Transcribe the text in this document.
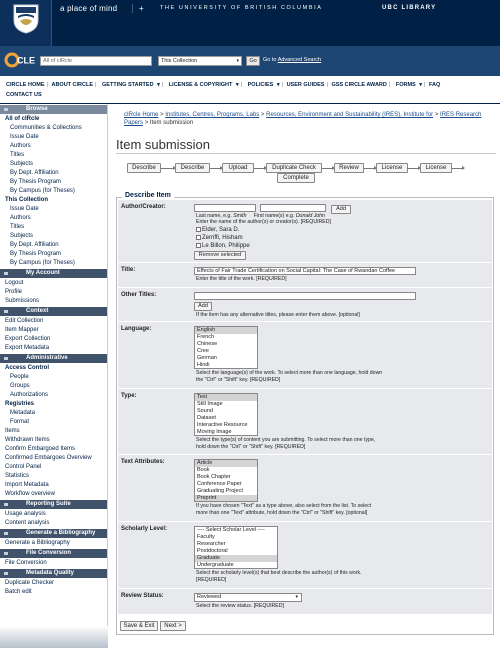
a place of mind	+	THE UNIVERSITY OF BRITISH COLUMBIA	UBC LIBRARY
CLE	All of cIRcle	This Collection	▾	Go	Go to Advanced Search
CIRCLE HOME | ABOUT CIRCLE | GETTING STARTED ▾ | LICENSE & COPYRIGHT ▾ | POLICIES ▾ | USER GUIDES | GSS CIRCLE AWARD | FORMS ▾ | FAQ
CONTACT US
Browse
All of cIRcle
Communities & Collections
Issue Date
Authors
Titles
Subjects
By Dept. Affiliation
By Thesis Program
By Campus (for Theses)
This Collection
Issue Date
Authors
Titles
Subjects
By Dept. Affiliation
By Thesis Program
By Campus (for Theses)
My Account
Logout
Profile
Submissions
Context
Edit Collection
Item Mapper
Export Collection
Export Metadata
Administrative
Access Control
People
Groups
Authorizations
Registries
Metadata
Format
Items
Withdrawn Items
Confirm Embargoed Items
Confirmed Embargoes Overview
Control Panel
Statistics
Import Metadata
Workflow overview
Reporting Suite
Usage analysis
Content analysis
Generate a Bibliography
Generate a Bibliography
File Conversion
File Conversion
Metadata Quality
Duplicate Checker
Batch edit
cIRcle Home > Institutes, Centres, Programs, Labs > Resources, Environment and Sustainability (IRES), Institute for > IRES Research Papers > Item submission
Item submission
Describe	Describe	Upload	Duplicate Check	Review	License	License
Complete
Describe Item
Author/Creator:	Add
Last name, e.g. Smith First name(s) e.g. Donald John
Enter the name of the author(s) or creator(s). [REQUIRED]
Elder, Sara D.
Zerriffi, Hisham
Le Billon, Philippe
Remove selected
Title:	Effects of Fair Trade Certification on Social Capital: The Case of Rwandan Coffee
Enter the title of the work. [REQUIRED]
Other Titles:
Add
If the item has any alternative titles, please enter them above. [optional]
Language:	English
French
Chinese
Cree
German
Hindi
Select the language(s) of the work. To select more than one language, hold down
the "Ctrl" or "Shift" key. [REQUIRED]
Type:	Text
Still Image
Sound
Dataset
Interactive Resource
Moving Image
Select the type(s) of content you are submitting. To select more than one type,
hold down the "Ctrl" or "Shift" key. [REQUIRED]
Text Attributes:	Article
Book
Book Chapter
Conference Paper
Graduating Project
Preprint
If you have chosen "Text" as a type above, also select from the list. To select
more than one "Text" attribute, hold down the "Ctrl" or "Shift" key. [optional]
Scholarly Level:	---- Select Scholar Level ----
Faculty
Researcher
Postdoctoral
Graduate
Undergraduate
Select the scholarly level(s) that best describe the author(s) of this work.
[REQUIRED]
Review Status:	Reviewed	▾
Select the review status. [REQUIRED]
Save & Exit	Next >
